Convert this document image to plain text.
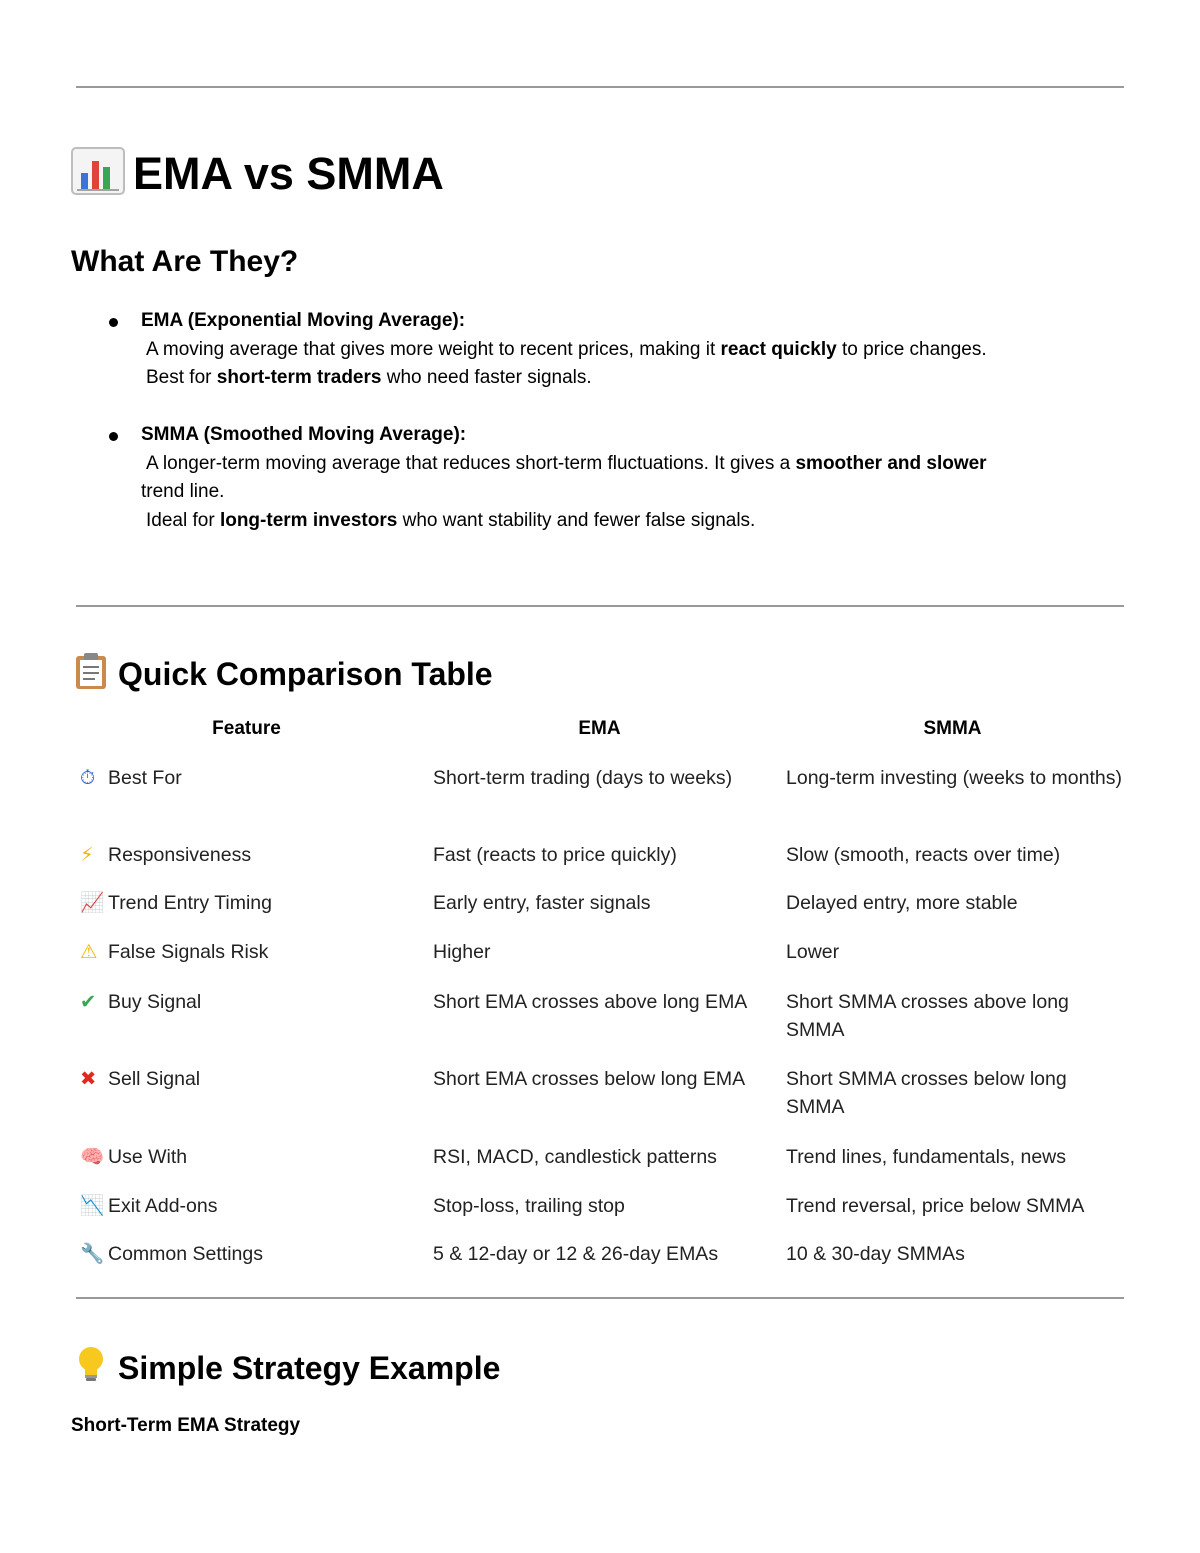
EMA vs SMMA
What Are They?
EMA (Exponential Moving Average):
A moving average that gives more weight to recent prices, making it react quickly to price changes.
Best for short-term traders who need faster signals.
SMMA (Smoothed Moving Average):
A longer-term moving average that reduces short-term fluctuations. It gives a smoother and slower
trend line.
Ideal for long-term investors who want stability and fewer false signals.
Quick Comparison Table
Feature	EMA	SMMA
⏱ Best For	Short-term trading (days to weeks)	Long-term investing (weeks to months)
⚡ Responsiveness	Fast (reacts to price quickly)	Slow (smooth, reacts over time)
📈 Trend Entry Timing	Early entry, faster signals	Delayed entry, more stable
⚠ False Signals Risk	Higher	Lower
✔ Buy Signal	Short EMA crosses above long EMA	Short SMMA crosses above long SMMA
✖ Sell Signal	Short EMA crosses below long EMA	Short SMMA crosses below long SMMA
🧠 Use With	RSI, MACD, candlestick patterns	Trend lines, fundamentals, news
📉 Exit Add-ons	Stop-loss, trailing stop	Trend reversal, price below SMMA
🔧 Common Settings	5 & 12-day or 12 & 26-day EMAs	10 & 30-day SMMAs
Simple Strategy Example
Short-Term EMA Strategy
